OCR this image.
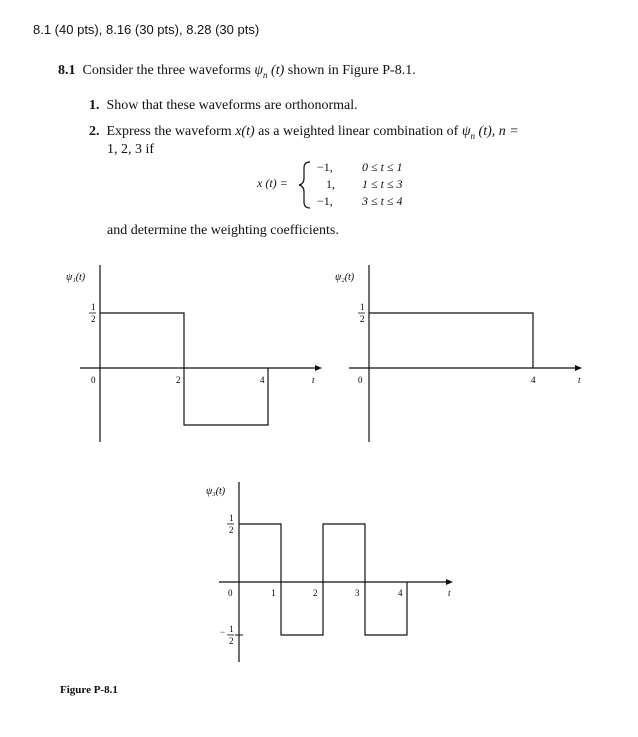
8.1 (40 pts), 8.16 (30 pts), 8.28 (30 pts)
8.1 Consider the three waveforms $\psi_n$ (t) shown in Figure P-8.1.
1. Show that these waveforms are orthonormal.
2. Express the waveform x(t) as a weighted linear combination of $\psi_n$ (t), n =
1, 2, 3 if
x (t) =
−1, 0 ≤ t ≤ 1
1, 1 ≤ t ≤ 3
−1, 3 ≤ t ≤ 4
and determine the weighting coefficients.
ψ₁(t)
1
2
0	2	4	t
ψ₂(t)
1
2
0	4	t
ψ₃(t)
1
2
− 1
2
0	1	2	3	4	t
Figure P-8.1
